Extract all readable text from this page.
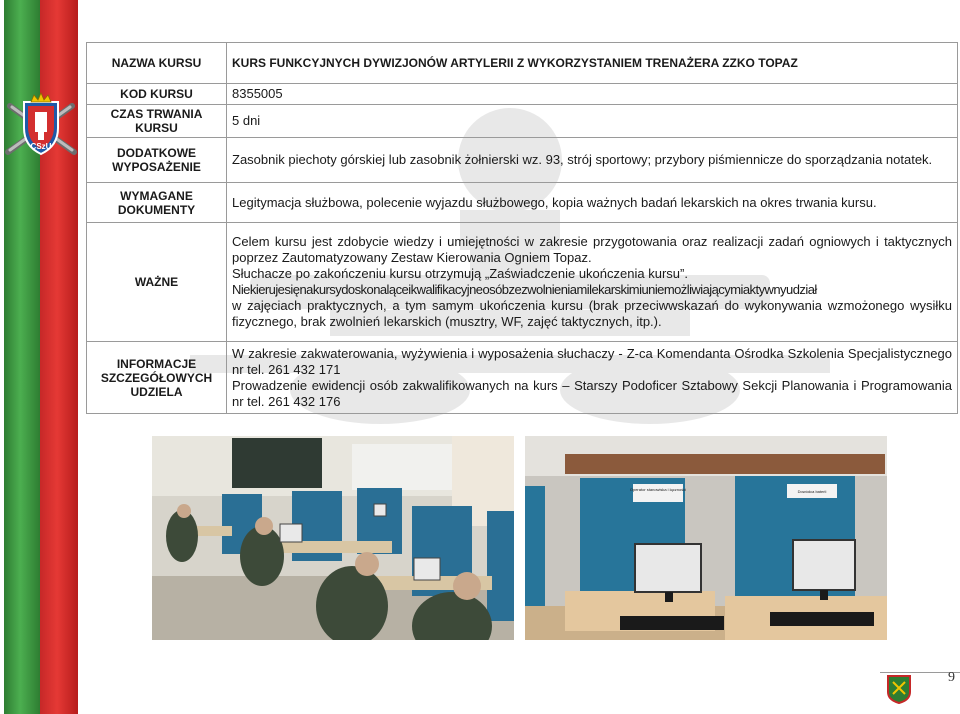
CSzU
NAZWA KURSU	KURS FUNKCYJNYCH DYWIZJONÓW ARTYLERII Z WYKORZYSTANIEM TRENAŻERA ZZKO TOPAZ
KOD KURSU	8355005
CZAS TRWANIA KURSU	5 dni
DODATKOWE WYPOSAŻENIE	Zasobnik piechoty górskiej lub zasobnik żołnierski wz. 93, strój sportowy; przybory piśmiennicze do sporządzania notatek.
WYMAGANE DOKUMENTY	Legitymacja służbowa, polecenie wyjazdu służbowego, kopia ważnych badań lekarskich na okres trwania kursu.
WAŻNE	Celem kursu jest zdobycie wiedzy i umiejętności w zakresie przygotowania oraz realizacji zadań ogniowych i taktycznych poprzez Zautomatyzowany Zestaw Kierowania Ogniem Topaz.
Słuchacze po zakończeniu kursu otrzymują „Zaświadczenie ukończenia kursu”.
Nie kieruje się na kursy doskonalące i kwalifikacyjne osób ze zwolnieniami lekarskimi uniemożliwiającymi aktywny udział
w zajęciach praktycznych, a tym samym ukończenia kursu (brak przeciwwskazań do wykonywania wzmożonego wysiłku fizycznego, brak zwolnień lekarskich (musztry, WF, zajęć taktycznych, itp.).

INFORMACJE SZCZEGÓŁOWYCH UDZIELA	W zakresie zakwaterowania, wyżywienia i wyposażenia słuchaczy - Z-ca Komendanta Ośrodka Szkolenia Specjalistycznego nr tel. 261 432 171
Prowadzenie ewidencji osób zakwalifikowanych na kurs – Starszy Podoficer Sztabowy Sekcji Planowania i Programowania nr tel. 261 432 176
Operator stanowiska i łączności	Dowódca baterii
9
